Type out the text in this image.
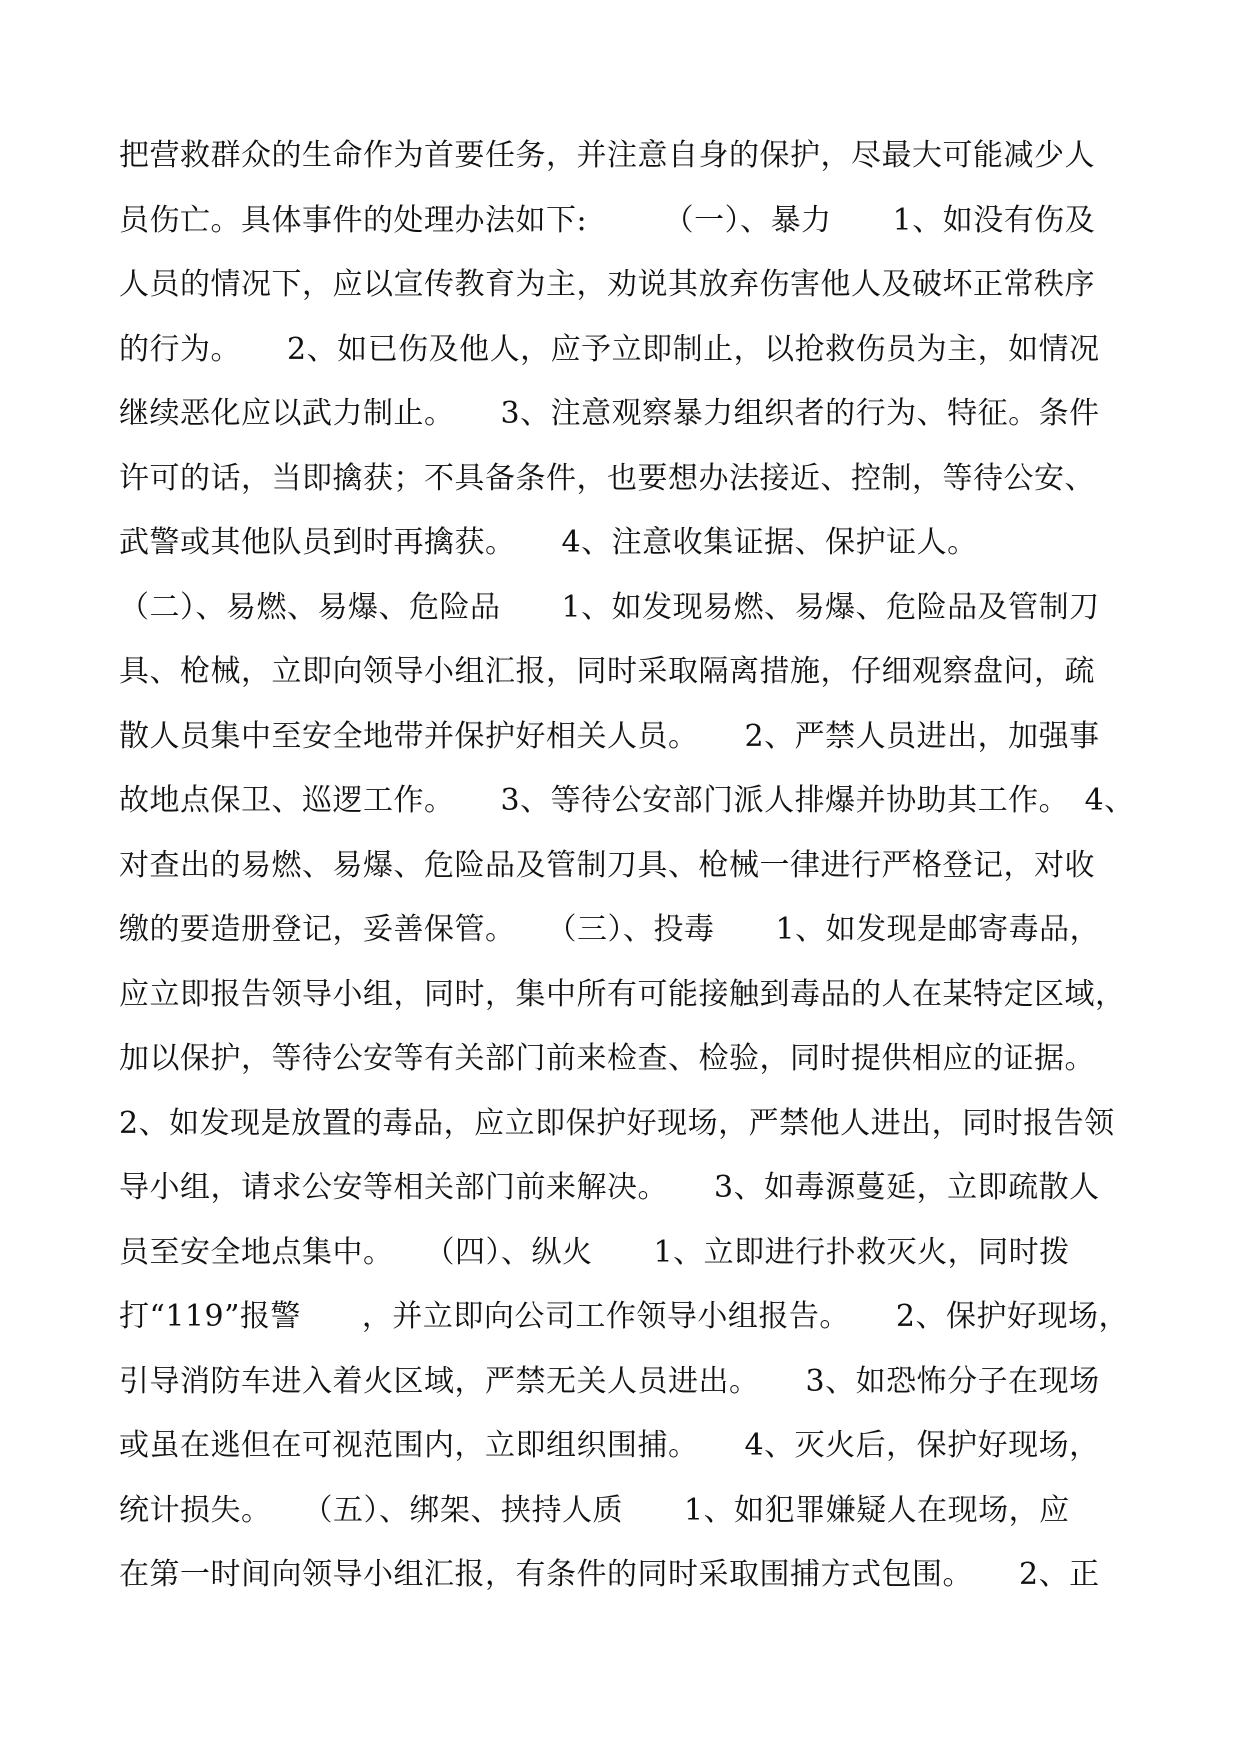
把营救群众的生命作为首要任务，并注意自身的保护，尽最大可能减少人
员伤亡。具体事件的处理办法如下:　　　（一）、暴力　　1、如没有伤及
人员的情况下，应以宣传教育为主，劝说其放弃伤害他人及破坏正常秩序
的行为。　　2、如已伤及他人，应予立即制止，以抢救伤员为主，如情况
继续恶化应以武力制止。　　3、注意观察暴力组织者的行为、特征。条件
许可的话，当即擒获；不具备条件，也要想办法接近、控制，等待公安、
武警或其他队员到时再擒获。　　4、注意收集证据、保护证人。
（二）、易燃、易爆、危险品　　1、如发现易燃、易爆、危险品及管制刀
具、枪械，立即向领导小组汇报，同时采取隔离措施，仔细观察盘问，疏
散人员集中至安全地带并保护好相关人员。　　2、严禁人员进出，加强事
故地点保卫、巡逻工作。　　3、等待公安部门派人排爆并协助其工作。　4、
对查出的易燃、易爆、危险品及管制刀具、枪械一律进行严格登记，对收
缴的要造册登记，妥善保管。　　（三）、投毒　　1、如发现是邮寄毒品，
应立即报告领导小组，同时，集中所有可能接触到毒品的人在某特定区域，
加以保护，等待公安等有关部门前来检查、检验，同时提供相应的证据。
2、如发现是放置的毒品，应立即保护好现场，严禁他人进出，同时报告领
导小组，请求公安等相关部门前来解决。　　3、如毒源蔓延，立即疏散人
员至安全地点集中。　　（四）、纵火　　1、立即进行扑救灭火，同时拨
打“119”报警　　，并立即向公司工作领导小组报告。　　2、保护好现场，
引导消防车进入着火区域，严禁无关人员进出。　　3、如恐怖分子在现场
或虽在逃但在可视范围内，立即组织围捕。　　4、灭火后，保护好现场，
统计损失。　　（五）、绑架、挟持人质　　1、如犯罪嫌疑人在现场，应
在第一时间向领导小组汇报，有条件的同时采取围捕方式包围。　　2、正
